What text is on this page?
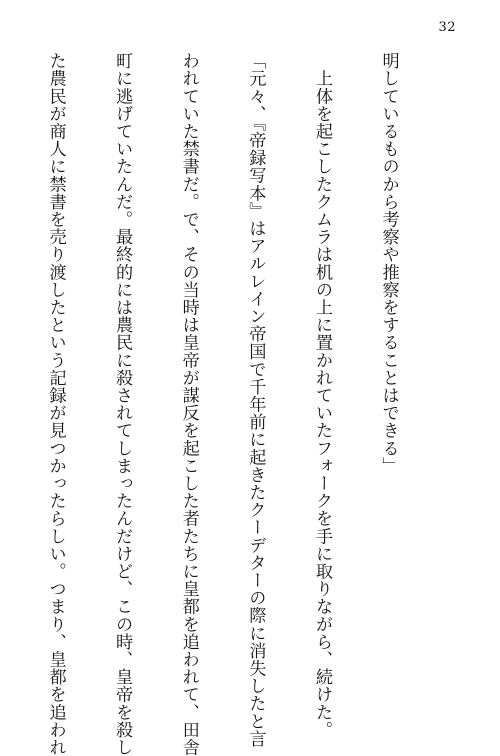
32

明しているものから考察や推察をすることはできる」

　上体を起こしたクムラは机の上に置かれていたフォークを手に取りながら、続けた。

「元々、『帝録写本』はアルレイン帝国で千年前に起きたクーデターの際に消失したと言

われていた禁書だ。で、その当時は皇帝が謀反を起こした者たちに皇都を追われて、田舎

町に逃げていたんだ。最終的には農民に殺されてしまったんだけど、この時、皇帝を殺し

た農民が商人に禁書を売り渡したという記録が見つかったらしい。つまり、皇都を追われ
